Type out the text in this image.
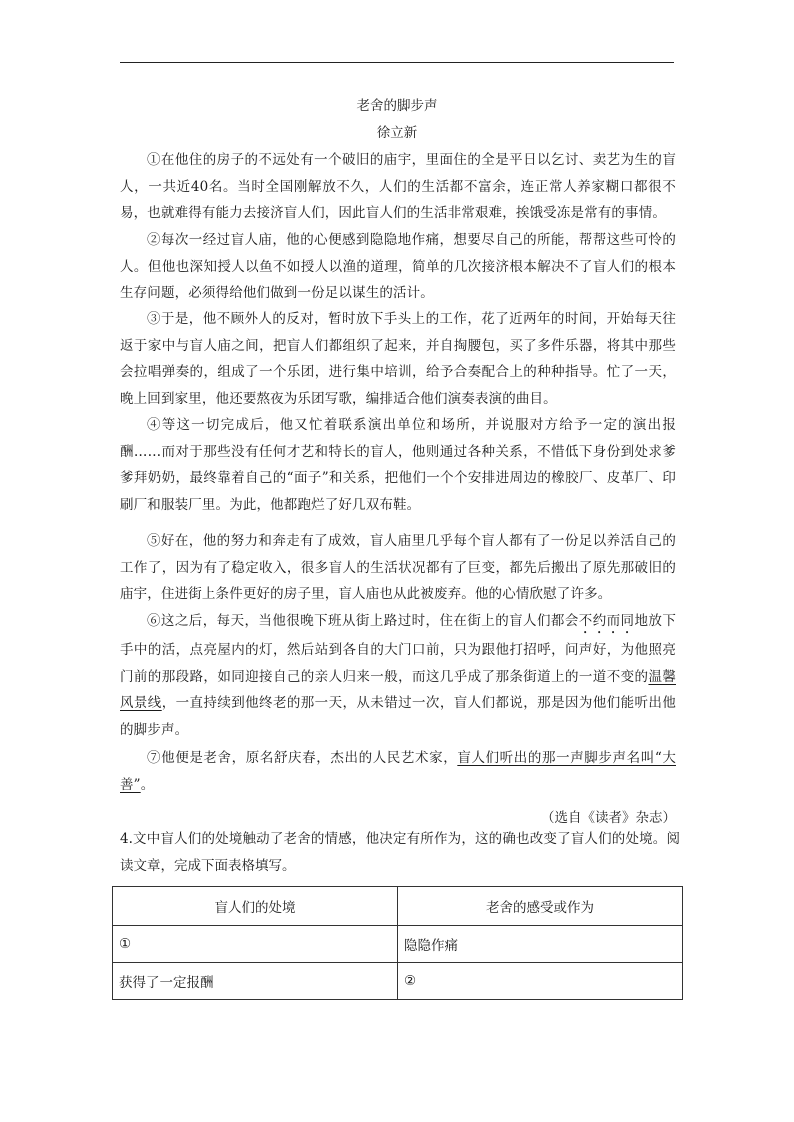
老舍的脚步声
徐立新

①在他住的房子的不远处有一个破旧的庙宇，里面住的全是平日以乞讨、卖艺为生的盲人，一共近40名。当时全国刚解放不久，人们的生活都不富余，连正常人养家糊口都很不易，也就难得有能力去接济盲人们，因此盲人们的生活非常艰难，挨饿受冻是常有的事情。

②每次一经过盲人庙，他的心便感到隐隐地作痛，想要尽自己的所能，帮帮这些可怜的人。但他也深知授人以鱼不如授人以渔的道理，简单的几次接济根本解决不了盲人们的根本生存问题，必须得给他们做到一份足以谋生的活计。

③于是，他不顾外人的反对，暂时放下手头上的工作，花了近两年的时间，开始每天往返于家中与盲人庙之间，把盲人们都组织了起来，并自掏腰包，买了多件乐器，将其中那些会拉唱弹奏的，组成了一个乐团，进行集中培训，给予合奏配合上的种种指导。忙了一天，晚上回到家里，他还要熬夜为乐团写歌，编排适合他们演奏表演的曲目。

④等这一切完成后，他又忙着联系演出单位和场所，并说服对方给予一定的演出报酬……而对于那些没有任何才艺和特长的盲人，他则通过各种关系，不惜低下身份到处求爹爹拜奶奶，最终靠着自己的“面子”和关系，把他们一个个安排进周边的橡胶厂、皮革厂、印刷厂和服装厂里。为此，他都跑烂了好几双布鞋。

⑤好在，他的努力和奔走有了成效，盲人庙里几乎每个盲人都有了一份足以养活自己的工作了，因为有了稳定收入，很多盲人的生活状况都有了巨变，都先后搬出了原先那破旧的庙宇，住进街上条件更好的房子里，盲人庙也从此被废弃。他的心情欣慰了许多。

⑥这之后，每天，当他很晚下班从街上路过时，住在街上的盲人们都会不约而同地放下手中的活，点亮屋内的灯，然后站到各自的大门口前，只为跟他打招呼，问声好，为他照亮门前的那段路，如同迎接自己的亲人归来一般，而这几乎成了那条街道上的一道不变的温馨风景线，一直持续到他终老的那一天，从未错过一次，盲人们都说，那是因为他们能听出他的脚步声。

⑦他便是老舍，原名舒庆春，杰出的人民艺术家，盲人们听出的那一声脚步声名叫“大善”。

（选自《读者》杂志）

4.文中盲人们的处境触动了老舍的情感，他决定有所作为，这的确也改变了盲人们的处境。阅读文章，完成下面表格填写。

盲人们的处境	老舍的感受或作为
①	隐隐作痛
获得了一定报酬	②
